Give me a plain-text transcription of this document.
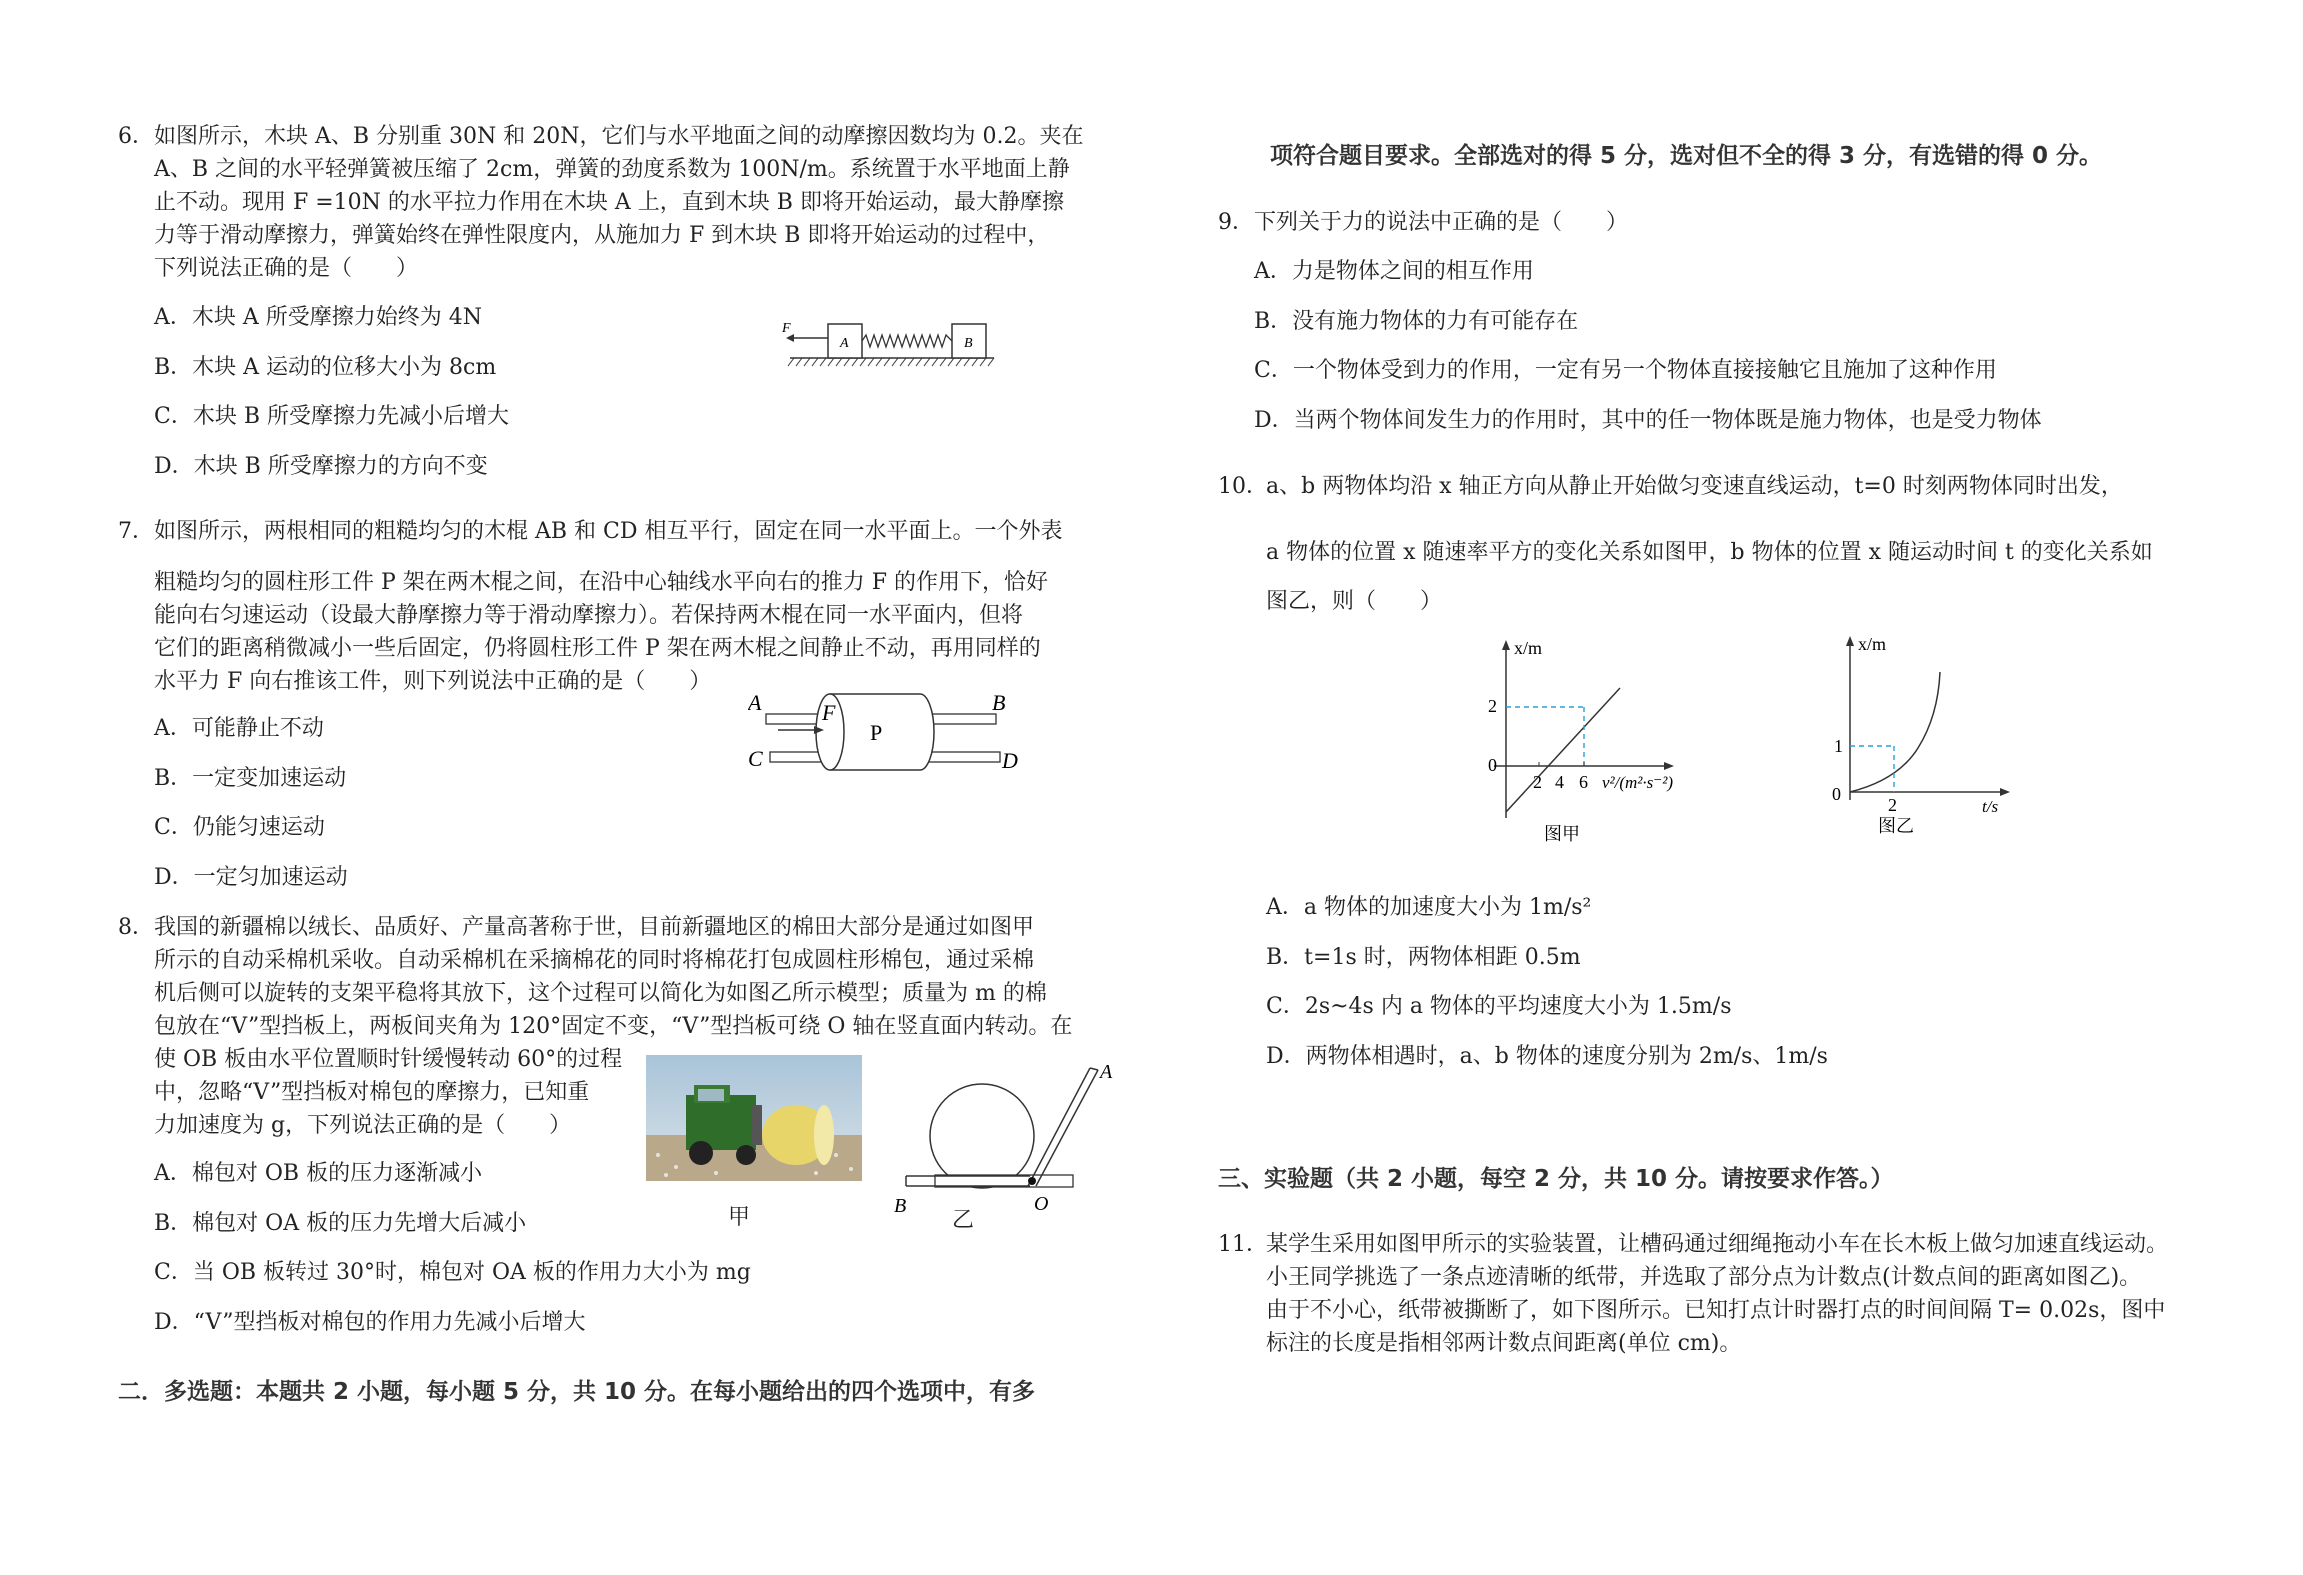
6． 如图所示，木块 A、B 分别重 30N 和 20N，它们与水平地面之间的动摩擦因数均为 0.2。夹在
A、B 之间的水平轻弹簧被压缩了 2cm，弹簧的劲度系数为 100N/m。系统置于水平地面上静
止不动。现用 F =10N 的水平拉力作用在木块 A 上，直到木块 B 即将开始运动，最大静摩擦
力等于滑动摩擦力，弹簧始终在弹性限度内，从施加力 F 到木块 B 即将开始运动的过程中，
下列说法正确的是（　　）
A．木块 A 所受摩擦力始终为 4N
B．木块 A 运动的位移大小为 8cm
C．木块 B 所受摩擦力先减小后增大
D．木块 B 所受摩擦力的方向不变
F
A	B
7． 如图所示，两根相同的粗糙均匀的木棍 AB 和 CD 相互平行，固定在同一水平面上。一个外表
粗糙均匀的圆柱形工件 P 架在两木棍之间，在沿中心轴线水平向右的推力 F 的作用下，恰好
能向右匀速运动（设最大静摩擦力等于滑动摩擦力）。若保持两木棍在同一水平面内，但将
它们的距离稍微减小一些后固定，仍将圆柱形工件 P 架在两木棍之间静止不动，再用同样的
水平力 F 向右推该工件，则下列说法中正确的是（　　）
A．可能静止不动
B．一定变加速运动
C．仍能匀速运动
D．一定匀加速运动
A	B
C	D
F
P
8． 我国的新疆棉以绒长、品质好、产量高著称于世，目前新疆地区的棉田大部分是通过如图甲
所示的自动采棉机采收。自动采棉机在采摘棉花的同时将棉花打包成圆柱形棉包，通过采棉
机后侧可以旋转的支架平稳将其放下，这个过程可以简化为如图乙所示模型；质量为 m 的棉
包放在“V”型挡板上，两板间夹角为 120°固定不变，“V”型挡板可绕 O 轴在竖直面内转动。在
使 OB 板由水平位置顺时针缓慢转动 60°的过程
中，忽略“V”型挡板对棉包的摩擦力，已知重
力加速度为 g，下列说法正确的是（　　）
A．棉包对 OB 板的压力逐渐减小
B．棉包对 OA 板的压力先增大后减小
C．当 OB 板转过 30°时，棉包对 OA 板的作用力大小为 mg
D．“V”型挡板对棉包的作用力先减小后增大
甲
A
B	O
乙
二．多选题：本题共 2 小题，每小题 5 分，共 10 分。在每小题给出的四个选项中，有多
项符合题目要求。全部选对的得 5 分，选对但不全的得 3 分，有选错的得 0 分。
9． 下列关于力的说法中正确的是（　　）
A．力是物体之间的相互作用
B．没有施力物体的力有可能存在
C．一个物体受到力的作用，一定有另一个物体直接接触它且施加了这种作用
D．当两个物体间发生力的作用时，其中的任一物体既是施力物体，也是受力物体
10．
a、b 两物体均沿 x 轴正方向从静止开始做匀变速直线运动，t=0 时刻两物体同时出发，
a 物体的位置 x 随速率平方的变化关系如图甲，b 物体的位置 x 随运动时间 t 的变化关系如
图乙，则（　　）
x/m
2
0
2 4 6 v²/(m²·s⁻²)
图甲
x/m
1
0
2	t/s
图乙
A．a 物体的加速度大小为 1m/s²
B．t=1s 时，两物体相距 0.5m
C．2s~4s 内 a 物体的平均速度大小为 1.5m/s
D．两物体相遇时，a、b 物体的速度分别为 2m/s、1m/s
三、实验题（共 2 小题，每空 2 分，共 10 分。请按要求作答。）
11．
某学生采用如图甲所示的实验装置，让槽码通过细绳拖动小车在长木板上做匀加速直线运动。
小王同学挑选了一条点迹清晰的纸带，并选取了部分点为计数点(计数点间的距离如图乙)。
由于不小心，纸带被撕断了，如下图所示。已知打点计时器打点的时间间隔 T= 0.02s，图中
标注的长度是指相邻两计数点间距离(单位 cm)。
